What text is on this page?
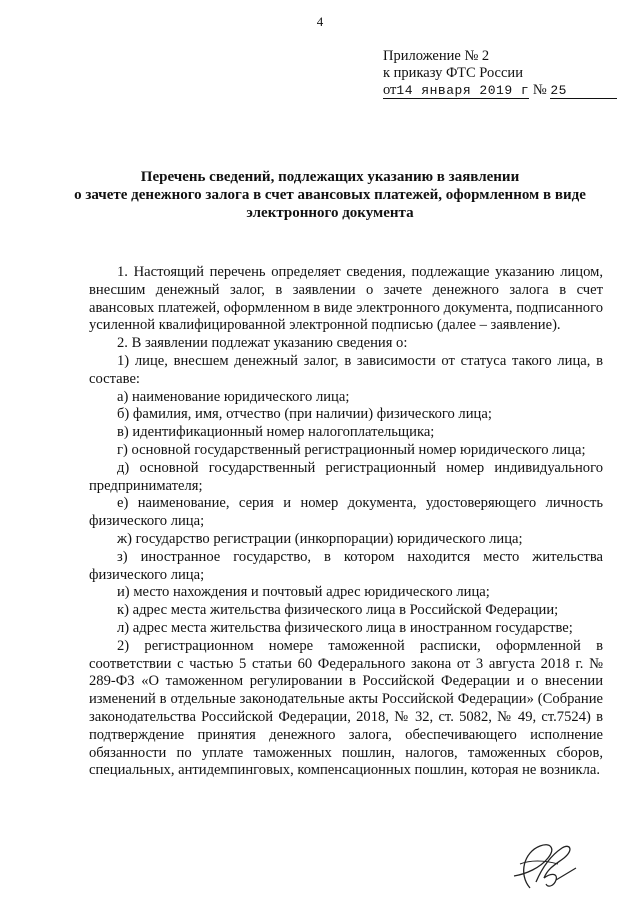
4
Приложение № 2
к приказу ФТС России
от14 января 2019 г № 25
Перечень сведений, подлежащих указанию в заявлении
о зачете денежного залога в счет авансовых платежей, оформленном в виде
электронного документа

1. Настоящий перечень определяет сведения, подлежащие указанию лицом, внесшим денежный залог, в заявлении о зачете денежного залога в счет авансовых платежей, оформленном в виде электронного документа, подписанного усиленной квалифицированной электронной подписью (далее – заявление).

2. В заявлении подлежат указанию сведения о:

1) лице, внесшем денежный залог, в зависимости от статуса такого лица, в составе:

а) наименование юридического лица;

б) фамилия, имя, отчество (при наличии) физического лица;

в) идентификационный номер налогоплательщика;

г) основной государственный регистрационный номер юридического лица;

д) основной государственный регистрационный номер индивидуального предпринимателя;

е) наименование, серия и номер документа, удостоверяющего личность физического лица;

ж) государство регистрации (инкорпорации) юридического лица;

з) иностранное государство, в котором находится место жительства физического лица;

и) место нахождения и почтовый адрес юридического лица;

к) адрес места жительства физического лица в Российской Федерации;

л) адрес места жительства физического лица в иностранном государстве;

2) регистрационном номере таможенной расписки, оформленной в соответствии с частью 5 статьи 60 Федерального закона от 3 августа 2018 г. № 289-ФЗ «О таможенном регулировании в Российской Федерации и о внесении изменений в отдельные законодательные акты Российской Федерации» (Собрание законодательства Российской Федерации, 2018, № 32, ст. 5082, № 49, ст.7524) в подтверждение принятия денежного залога, обеспечивающего исполнение обязанности по уплате таможенных пошлин, налогов, таможенных сборов, специальных, антидемпинговых, компенсационных пошлин, которая не возникла.
